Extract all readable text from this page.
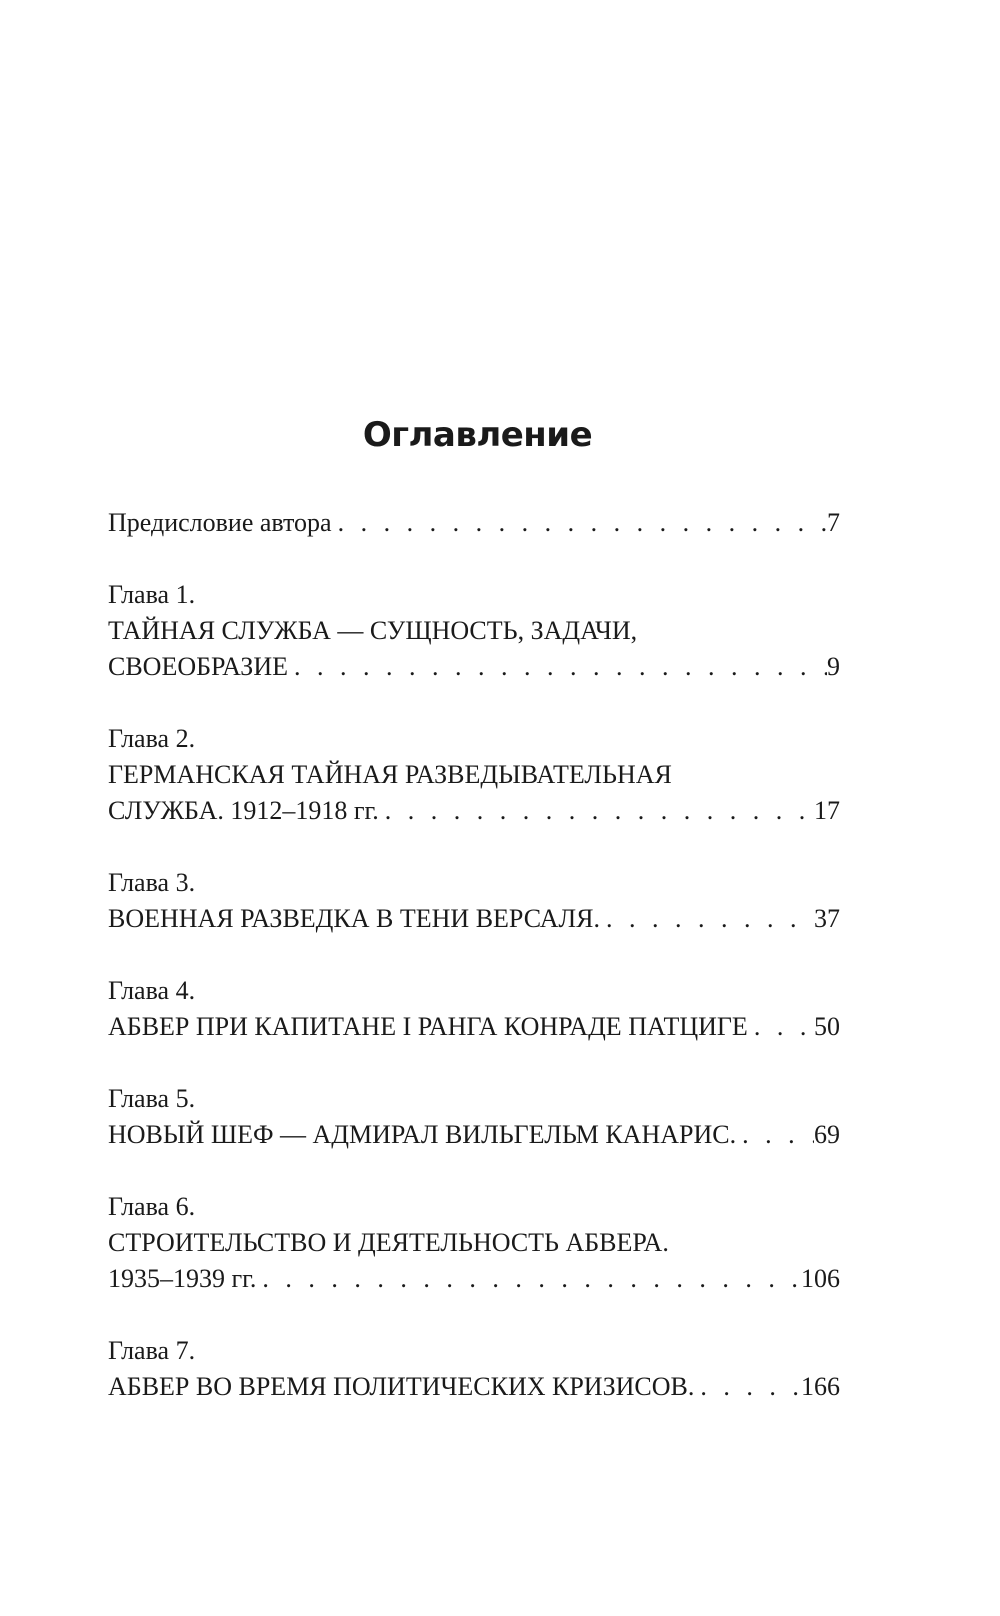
Оглавление
Предисловие автора . . .	7
Глава 1.
ТАЙНАЯ СЛУЖБА — СУЩНОСТЬ, ЗАДАЧИ,
СВОЕОБРАЗИЕ . . .	9
Глава 2.
ГЕРМАНСКАЯ ТАЙНАЯ РАЗВЕДЫВАТЕЛЬНАЯ
СЛУЖБА. 1912–1918 гг. . . .	17
Глава 3.
ВОЕННАЯ РАЗВЕДКА В ТЕНИ ВЕРСАЛЯ. . . .	37
Глава 4.
АБВЕР ПРИ КАПИТАНЕ I РАНГА КОНРАДЕ ПАТЦИГЕ . . .	50
Глава 5.
НОВЫЙ ШЕФ — АДМИРАЛ ВИЛЬГЕЛЬМ КАНАРИС. . . .	69
Глава 6.
СТРОИТЕЛЬСТВО И ДЕЯТЕЛЬНОСТЬ АБВЕРА.
1935–1939 гг. . . .	106
Глава 7.
АБВЕР ВО ВРЕМЯ ПОЛИТИЧЕСКИХ КРИЗИСОВ. . . .	166
